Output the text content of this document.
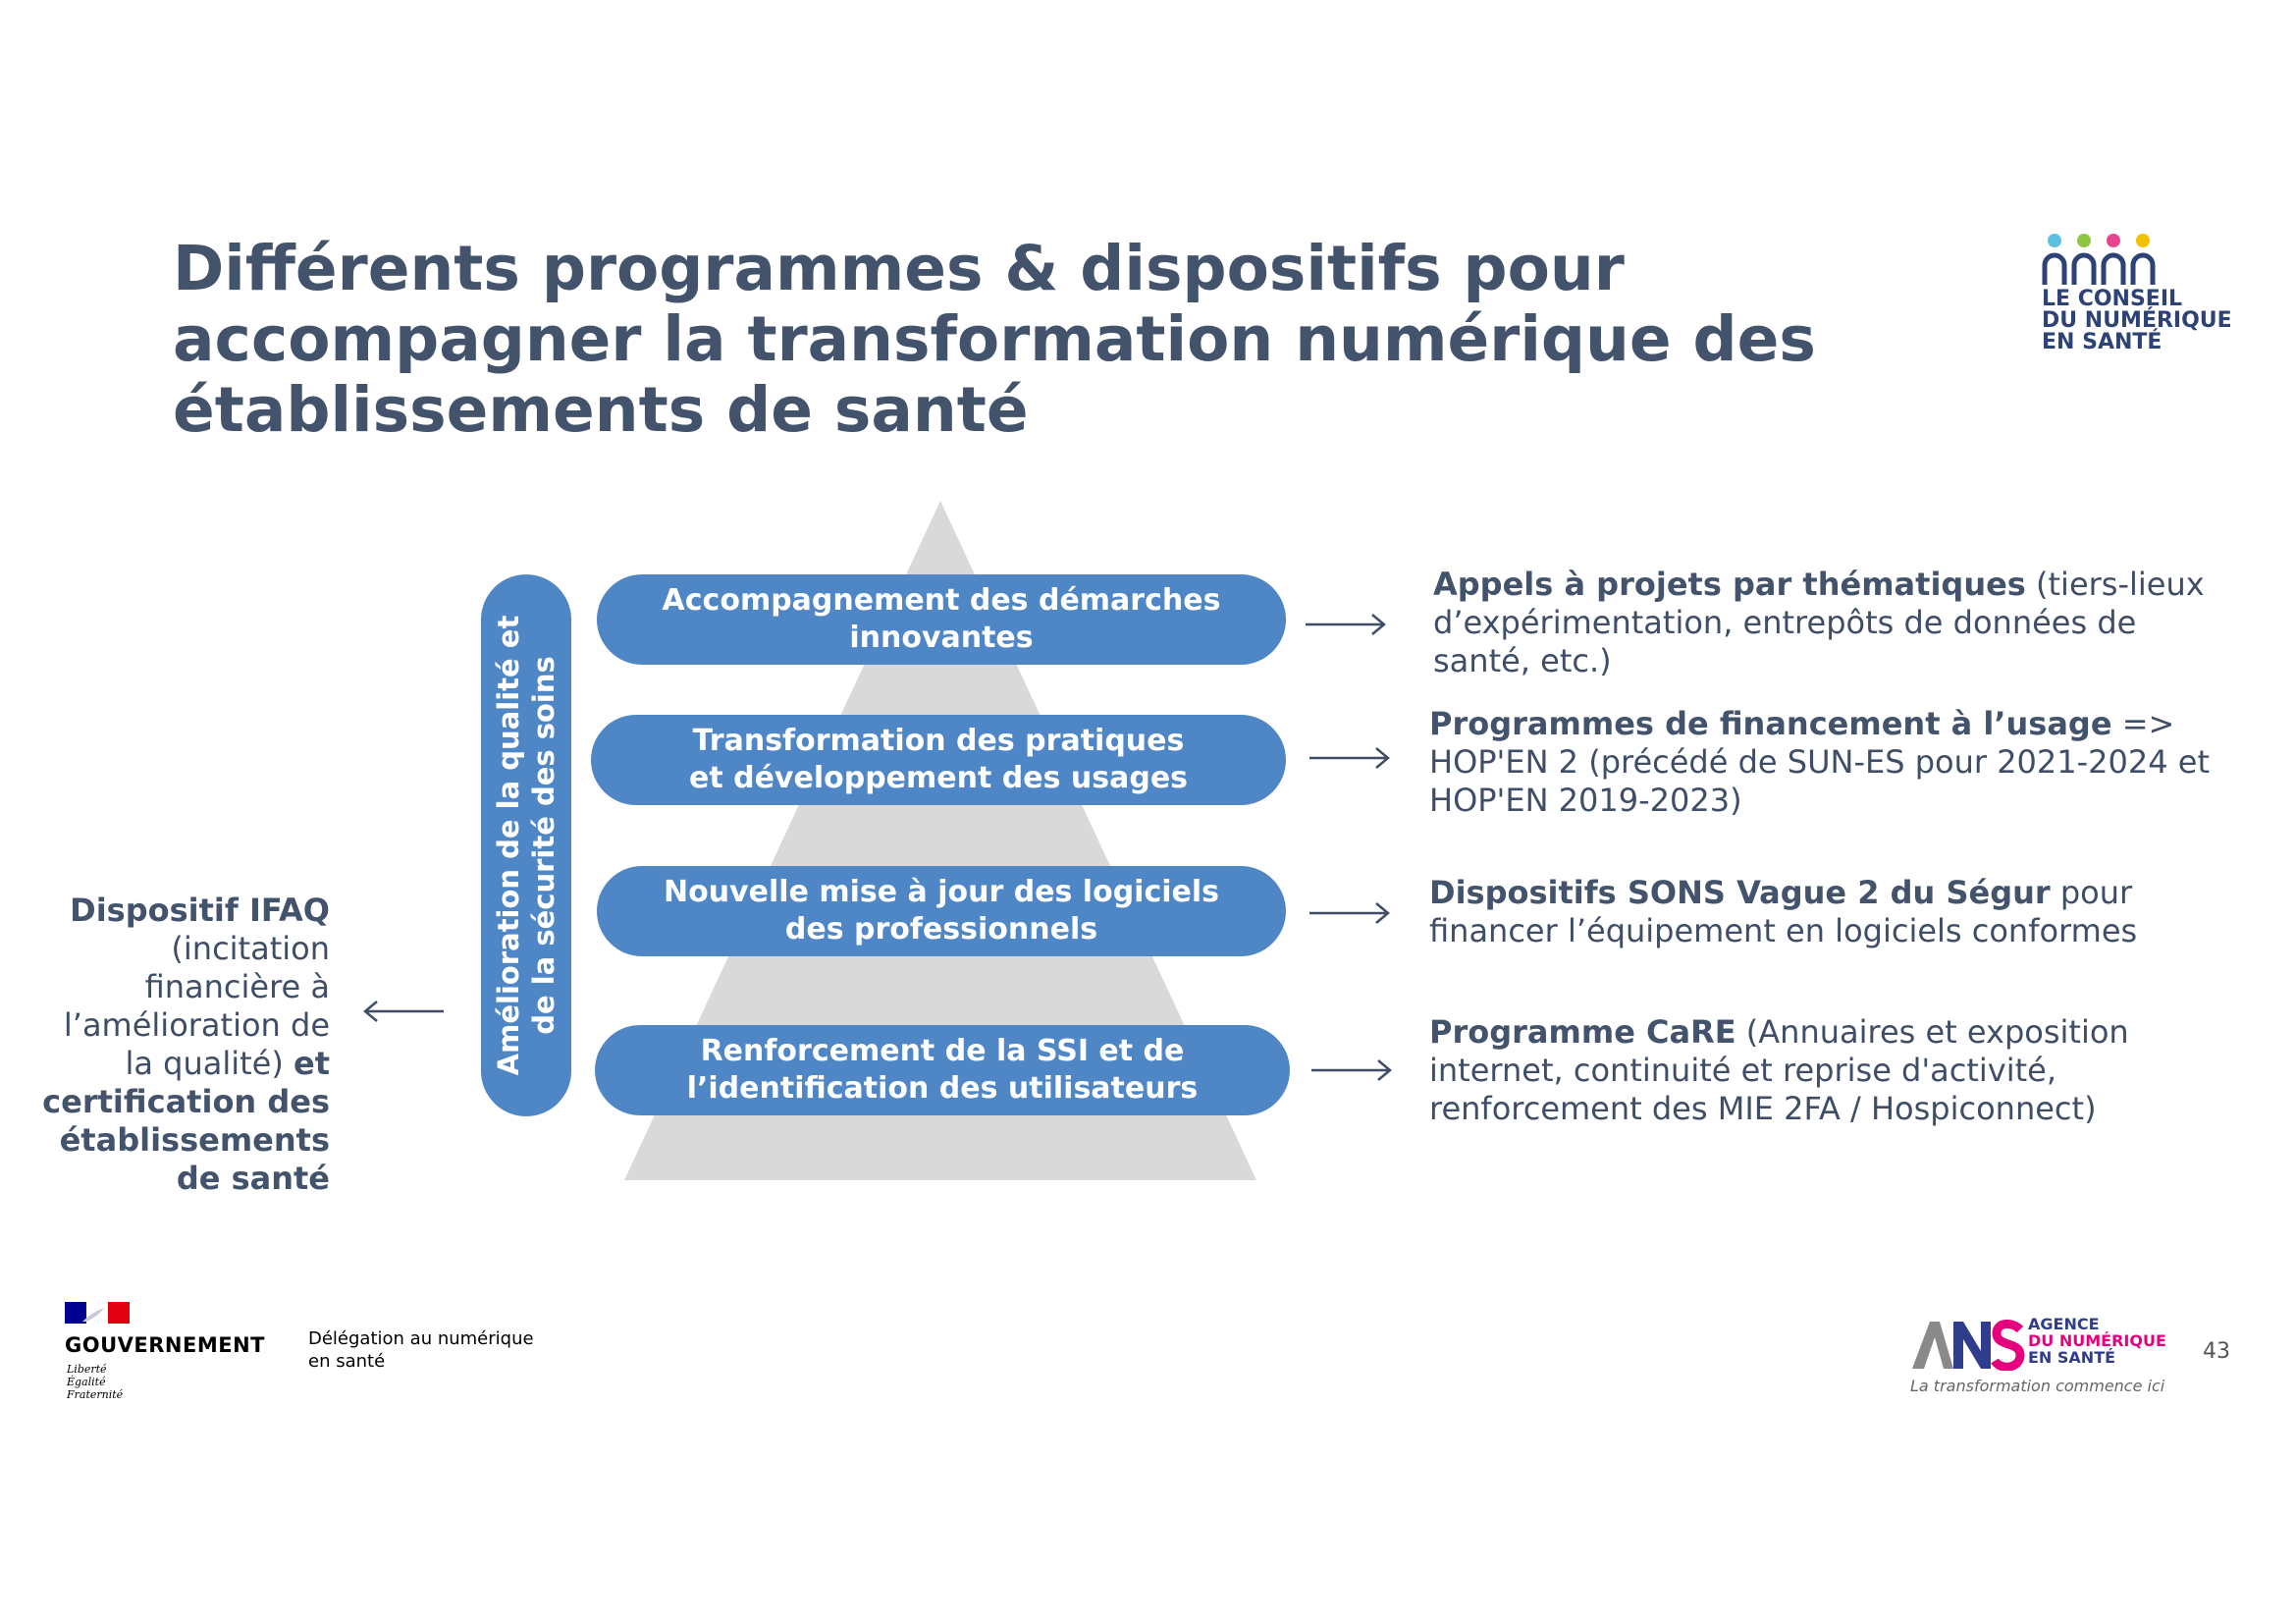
Différents programmes & dispositifs pour
accompagner la transformation numérique des
établissements de santé
LE CONSEIL
DU NUMÉRIQUE
EN SANTÉ
Amélioration de la qualité et de la sécurité des soins
Accompagnement des démarches
innovantes
Transformation des pratiques
et développement des usages
Nouvelle mise à jour des logiciels
des professionnels
Renforcement de la SSI et de
l’identification des utilisateurs
Appels à projets par thématiques (tiers-lieux d’expérimentation, entrepôts de données de santé, etc.)
Programmes de financement à l’usage => HOP'EN 2 (précédé de SUN-ES pour 2021-2024 et HOP'EN 2019-2023)
Dispositifs SONS Vague 2 du Ségur pour financer l’équipement en logiciels conformes
Programme CaRE (Annuaires et exposition internet, continuité et reprise d'activité, renforcement des MIE 2FA / Hospiconnect)
Dispositif IFAQ (incitation financière à l’amélioration de la qualité) et certification des établissements de santé
GOUVERNEMENT
Liberté
Égalité
Fraternité
Délégation au numérique
en santé
AGENCE
DU NUMÉRIQUE
EN SANTÉ
La transformation commence ici
43
